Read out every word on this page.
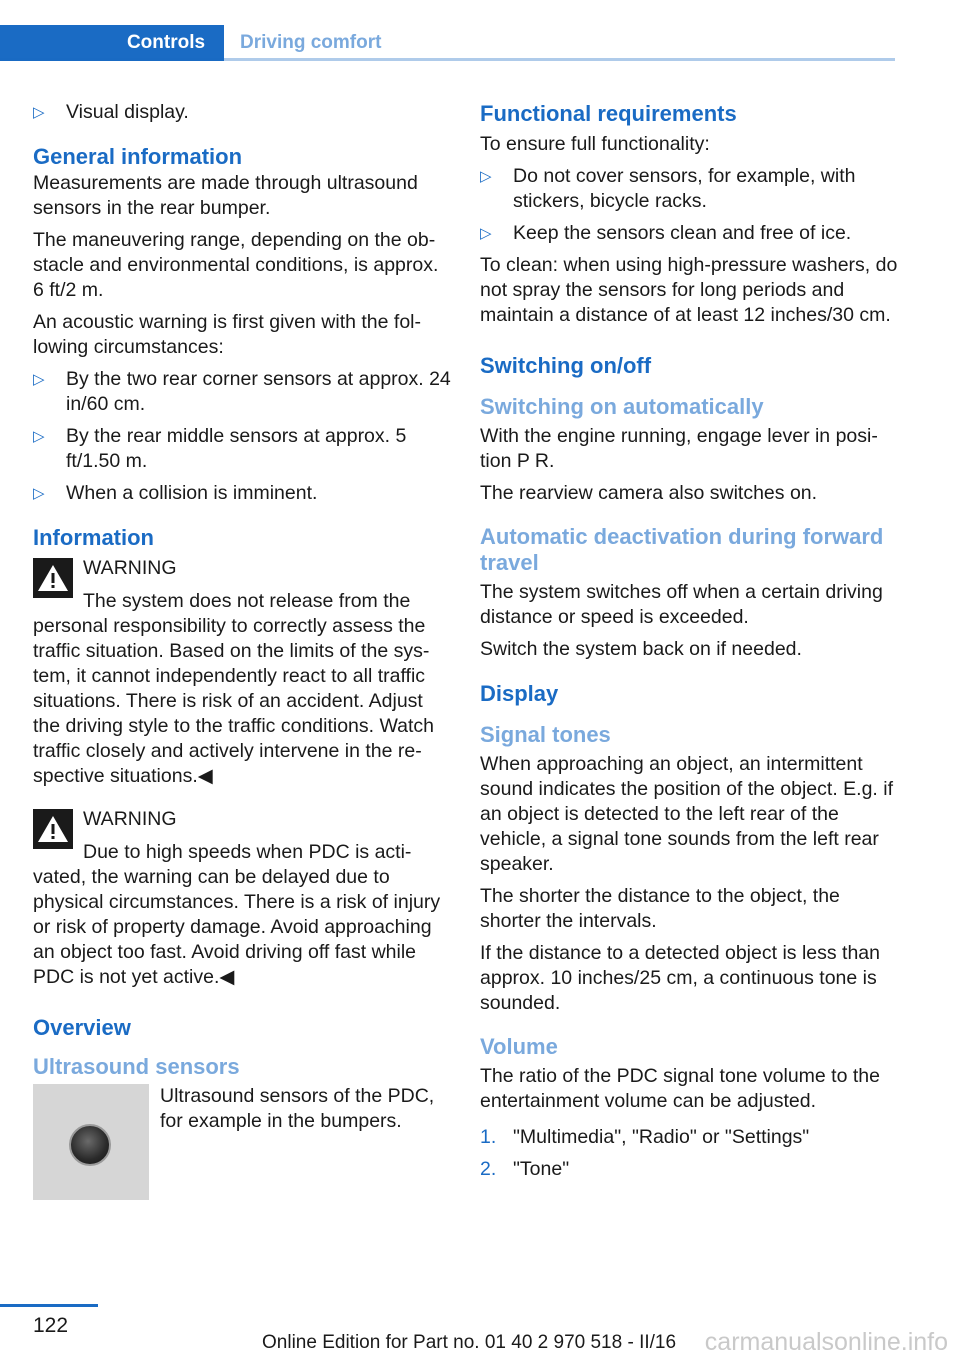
Controls	Driving comfort
▷ Visual display.
General information

Measurements are made through ultrasound sensors in the rear bumper.

The maneuvering range, depending on the obstacle and environmental conditions, is approx. 6 ft/2 m.

An acoustic warning is first given with the following circumstances:

▷ By the two rear corner sensors at approx. 24 in/60 cm.
▷ By the rear middle sensors at approx. 5 ft/1.50 m.
▷ When a collision is imminent.
Information

WARNING

The system does not release from the

personal responsibility to correctly assess the traffic situation. Based on the limits of the system, it cannot independently react to all traffic situations. There is risk of an accident. Adjust the driving style to the traffic conditions. Watch traffic closely and actively intervene in the respective situations.◀

WARNING

Due to high speeds when PDC is acti-

vated, the warning can be delayed due to physical circumstances. There is a risk of injury or risk of property damage. Avoid approaching an object too fast. Avoid driving off fast while PDC is not yet active.◀

Overview
Ultrasound sensors

Ultrasound sensors of the PDC, for example in the bumpers.

Functional requirements

To ensure full functionality:

▷ Do not cover sensors, for example, with stickers, bicycle racks.
▷ Keep the sensors clean and free of ice.

To clean: when using high-pressure washers, do not spray the sensors for long periods and maintain a distance of at least 12 inches/30 cm.

Switching on/off
Switching on automatically

With the engine running, engage lever in position P R.

The rearview camera also switches on.

Automatic deactivation during forward travel

The system switches off when a certain driving distance or speed is exceeded.

Switch the system back on if needed.

Display
Signal tones

When approaching an object, an intermittent sound indicates the position of the object. E.g. if an object is detected to the left rear of the vehicle, a signal tone sounds from the left rear speaker.

The shorter the distance to the object, the shorter the intervals.

If the distance to a detected object is less than approx. 10 inches/25 cm, a continuous tone is sounded.

Volume

The ratio of the PDC signal tone volume to the entertainment volume can be adjusted.

1. "Multimedia", "Radio" or "Settings"
2. "Tone"
122
Online Edition for Part no. 01 40 2 970 518 - II/16 carmanualsonline.info
